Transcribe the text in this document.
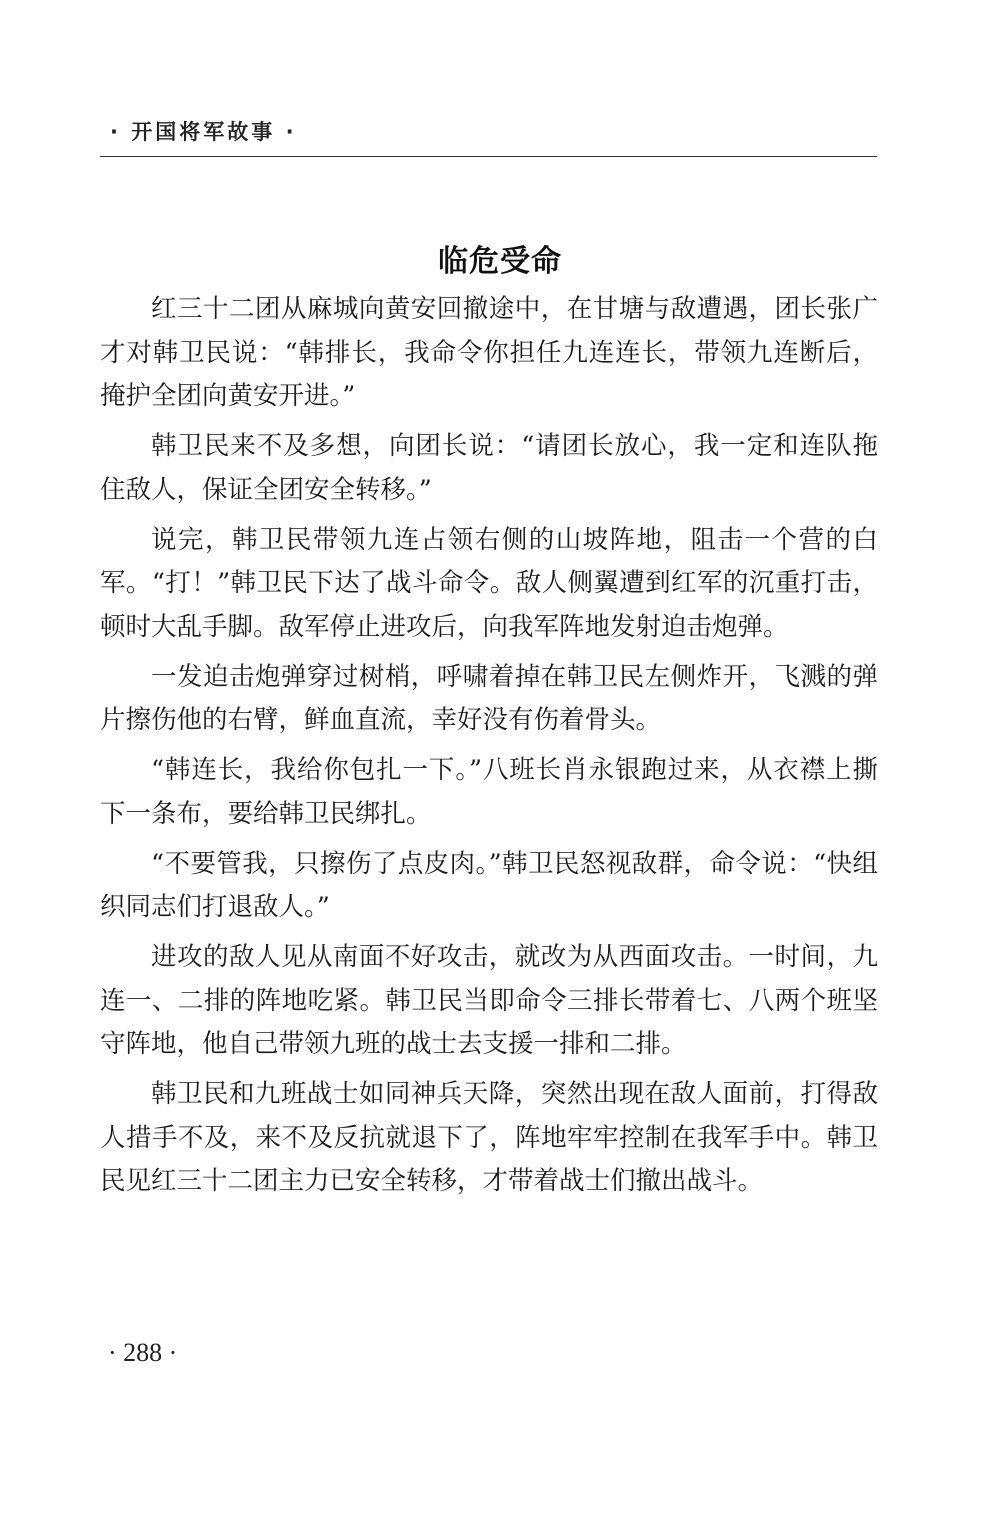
· 开国将军故事 ·
临危受命

红三十二团从麻城向黄安回撤途中，在甘塘与敌遭遇，团长张广才对韩卫民说：“韩排长，我命令你担任九连连长，带领九连断后，掩护全团向黄安开进。”

韩卫民来不及多想，向团长说：“请团长放心，我一定和连队拖住敌人，保证全团安全转移。”

说完，韩卫民带领九连占领右侧的山坡阵地，阻击一个营的白军。“打！”韩卫民下达了战斗命令。敌人侧翼遭到红军的沉重打击，顿时大乱手脚。敌军停止进攻后，向我军阵地发射迫击炮弹。

一发迫击炮弹穿过树梢，呼啸着掉在韩卫民左侧炸开，飞溅的弹片擦伤他的右臂，鲜血直流，幸好没有伤着骨头。

“韩连长，我给你包扎一下。”八班长肖永银跑过来，从衣襟上撕下一条布，要给韩卫民绑扎。

“不要管我，只擦伤了点皮肉。”韩卫民怒视敌群，命令说：“快组织同志们打退敌人。”

进攻的敌人见从南面不好攻击，就改为从西面攻击。一时间，九连一、二排的阵地吃紧。韩卫民当即命令三排长带着七、八两个班坚守阵地，他自己带领九班的战士去支援一排和二排。

韩卫民和九班战士如同神兵天降，突然出现在敌人面前，打得敌人措手不及，来不及反抗就退下了，阵地牢牢控制在我军手中。韩卫民见红三十二团主力已安全转移，才带着战士们撤出战斗。

· 288 ·
